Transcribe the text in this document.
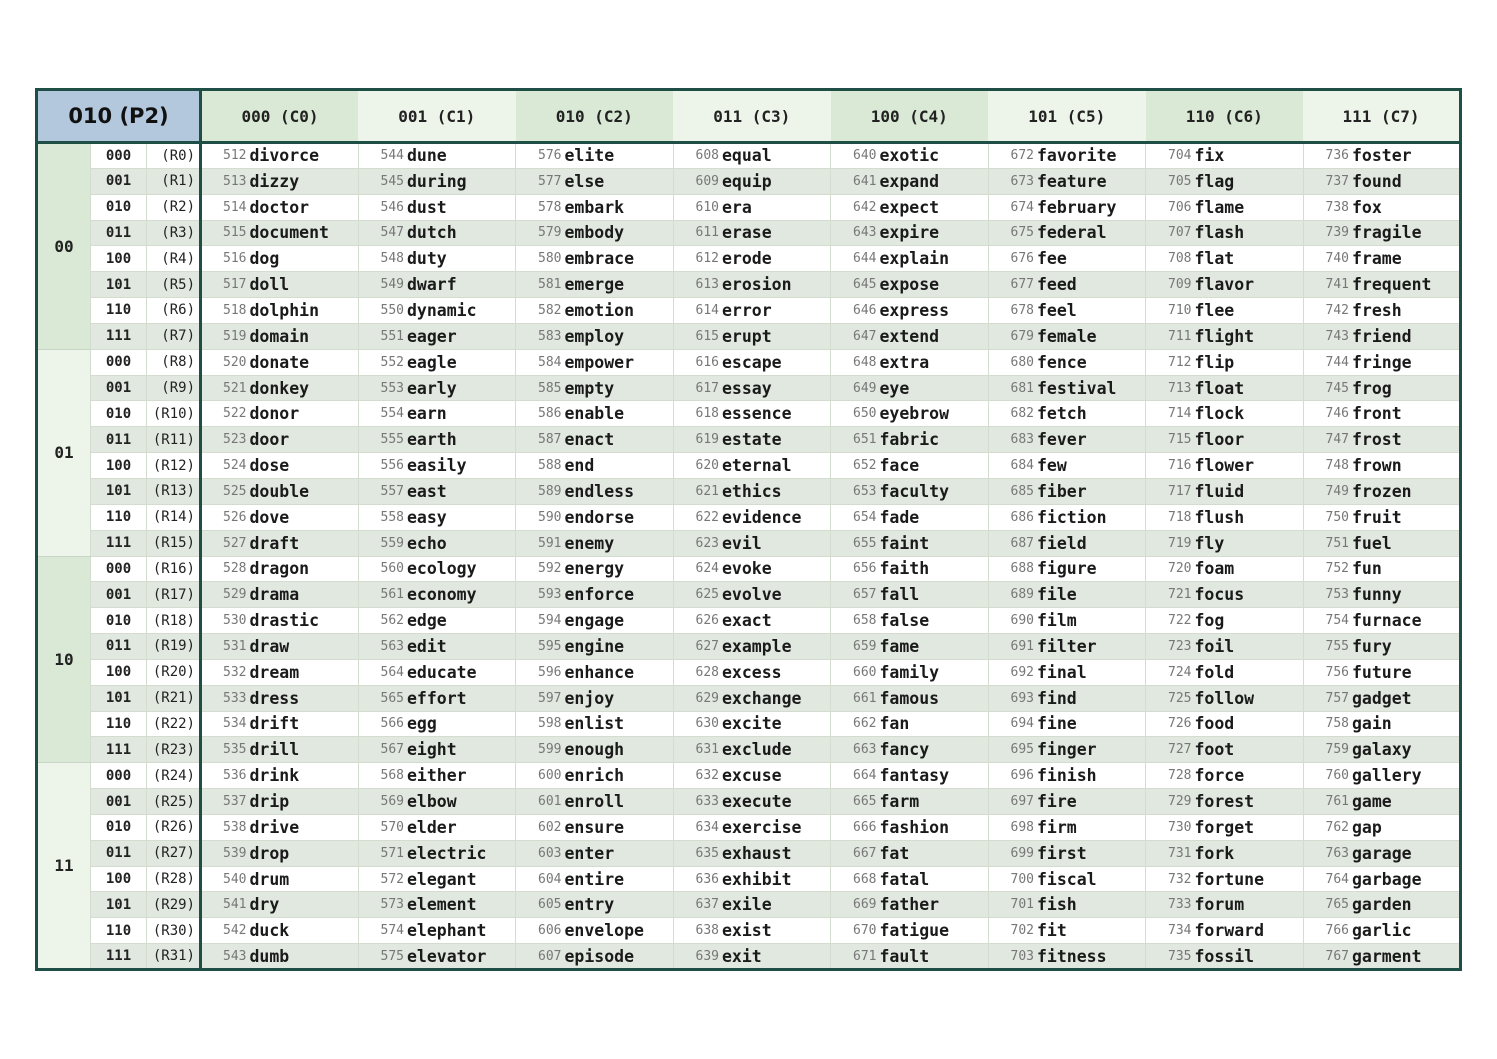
010 (P2)			000 (C0)		001 (C1)		010 (C2)		011 (C3)		100 (C4)		101 (C5)		110 (C6)		111 (C7)	
00	000	(R0)	512	divorce	544	dune	576	elite	608	equal	640	exotic	672	favorite	704	fix	736	foster
	001	(R1)	513	dizzy	545	during	577	else	609	equip	641	expand	673	feature	705	flag	737	found
	010	(R2)	514	doctor	546	dust	578	embark	610	era	642	expect	674	february	706	flame	738	fox
	011	(R3)	515	document	547	dutch	579	embody	611	erase	643	expire	675	federal	707	flash	739	fragile
	100	(R4)	516	dog	548	duty	580	embrace	612	erode	644	explain	676	fee	708	flat	740	frame
	101	(R5)	517	doll	549	dwarf	581	emerge	613	erosion	645	expose	677	feed	709	flavor	741	frequent
	110	(R6)	518	dolphin	550	dynamic	582	emotion	614	error	646	express	678	feel	710	flee	742	fresh
	111	(R7)	519	domain	551	eager	583	employ	615	erupt	647	extend	679	female	711	flight	743	friend
01	000	(R8)	520	donate	552	eagle	584	empower	616	escape	648	extra	680	fence	712	flip	744	fringe
	001	(R9)	521	donkey	553	early	585	empty	617	essay	649	eye	681	festival	713	float	745	frog
	010	(R10)	522	donor	554	earn	586	enable	618	essence	650	eyebrow	682	fetch	714	flock	746	front
	011	(R11)	523	door	555	earth	587	enact	619	estate	651	fabric	683	fever	715	floor	747	frost
	100	(R12)	524	dose	556	easily	588	end	620	eternal	652	face	684	few	716	flower	748	frown
	101	(R13)	525	double	557	east	589	endless	621	ethics	653	faculty	685	fiber	717	fluid	749	frozen
	110	(R14)	526	dove	558	easy	590	endorse	622	evidence	654	fade	686	fiction	718	flush	750	fruit
	111	(R15)	527	draft	559	echo	591	enemy	623	evil	655	faint	687	field	719	fly	751	fuel
10	000	(R16)	528	dragon	560	ecology	592	energy	624	evoke	656	faith	688	figure	720	foam	752	fun
	001	(R17)	529	drama	561	economy	593	enforce	625	evolve	657	fall	689	file	721	focus	753	funny
	010	(R18)	530	drastic	562	edge	594	engage	626	exact	658	false	690	film	722	fog	754	furnace
	011	(R19)	531	draw	563	edit	595	engine	627	example	659	fame	691	filter	723	foil	755	fury
	100	(R20)	532	dream	564	educate	596	enhance	628	excess	660	family	692	final	724	fold	756	future
	101	(R21)	533	dress	565	effort	597	enjoy	629	exchange	661	famous	693	find	725	follow	757	gadget
	110	(R22)	534	drift	566	egg	598	enlist	630	excite	662	fan	694	fine	726	food	758	gain
	111	(R23)	535	drill	567	eight	599	enough	631	exclude	663	fancy	695	finger	727	foot	759	galaxy
11	000	(R24)	536	drink	568	either	600	enrich	632	excuse	664	fantasy	696	finish	728	force	760	gallery
	001	(R25)	537	drip	569	elbow	601	enroll	633	execute	665	farm	697	fire	729	forest	761	game
	010	(R26)	538	drive	570	elder	602	ensure	634	exercise	666	fashion	698	firm	730	forget	762	gap
	011	(R27)	539	drop	571	electric	603	enter	635	exhaust	667	fat	699	first	731	fork	763	garage
	100	(R28)	540	drum	572	elegant	604	entire	636	exhibit	668	fatal	700	fiscal	732	fortune	764	garbage
	101	(R29)	541	dry	573	element	605	entry	637	exile	669	father	701	fish	733	forum	765	garden
	110	(R30)	542	duck	574	elephant	606	envelope	638	exist	670	fatigue	702	fit	734	forward	766	garlic
	111	(R31)	543	dumb	575	elevator	607	episode	639	exit	671	fault	703	fitness	735	fossil	767	garment
